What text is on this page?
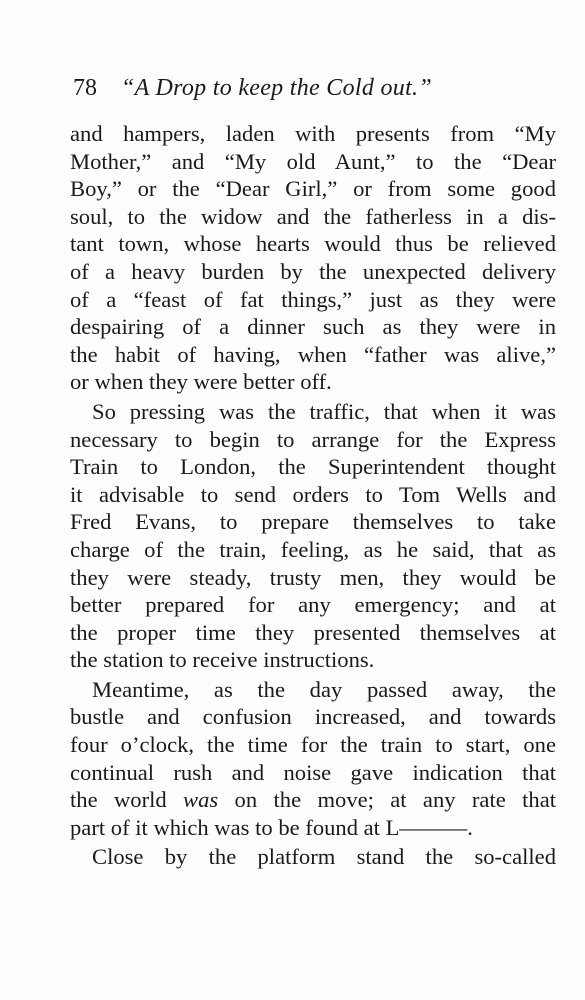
78 “A Drop to keep the Cold out.”
and hampers, laden with presents from “My
Mother,” and “My old Aunt,” to the “Dear
Boy,” or the “Dear Girl,” or from some good
soul, to the widow and the fatherless in a dis-
tant town, whose hearts would thus be relieved
of a heavy burden by the unexpected delivery
of a “feast of fat things,” just as they were
despairing of a dinner such as they were in
the habit of having, when “father was alive,”
or when they were better off.
So pressing was the traffic, that when it was
necessary to begin to arrange for the Express
Train to London, the Superintendent thought
it advisable to send orders to Tom Wells and
Fred Evans, to prepare themselves to take
charge of the train, feeling, as he said, that as
they were steady, trusty men, they would be
better prepared for any emergency; and at
the proper time they presented themselves at
the station to receive instructions.
Meantime, as the day passed away, the
bustle and confusion increased, and towards
four o’clock, the time for the train to start, one
continual rush and noise gave indication that
the world was on the move; at any rate that
part of it which was to be found at L———.
Close by the platform stand the so-called
